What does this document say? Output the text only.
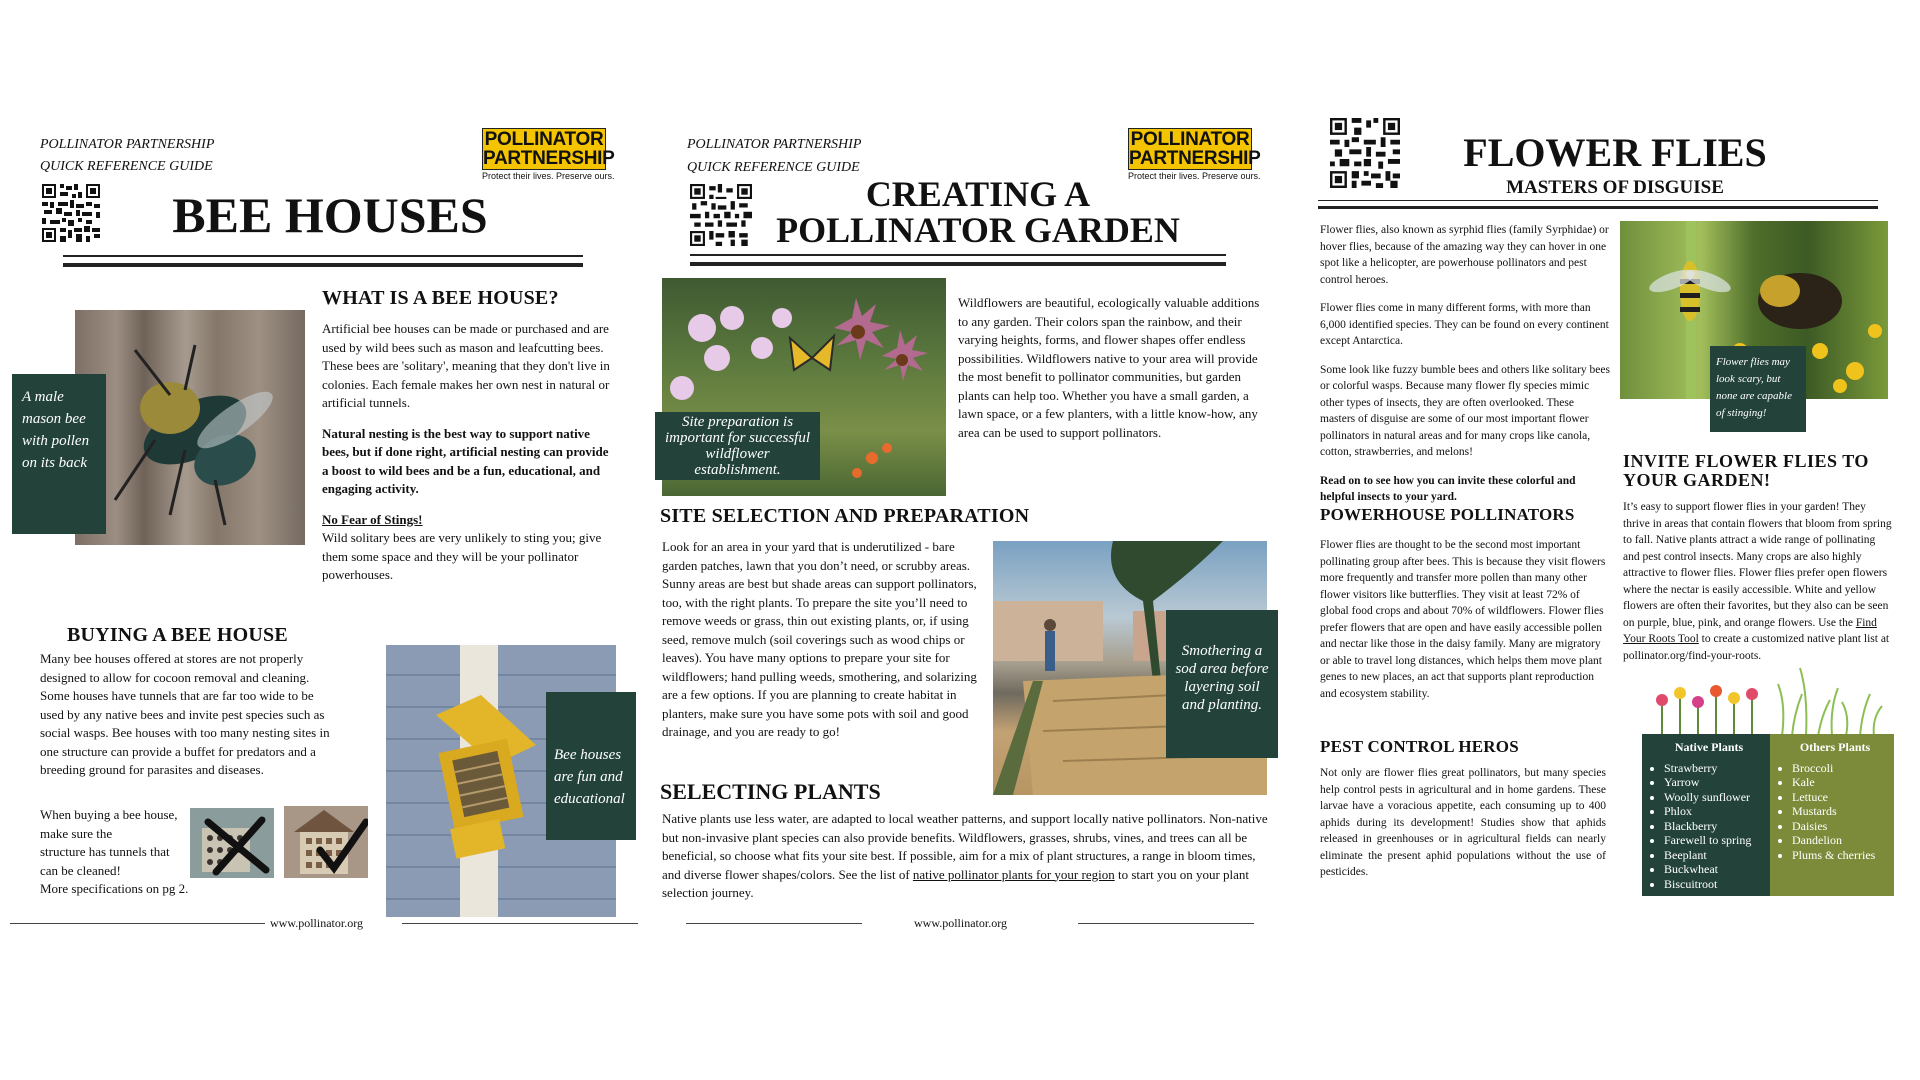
POLLINATOR PARTNERSHIP
QUICK REFERENCE GUIDE
POLLINATOR
PARTNERSHIP
Protect their lives. Preserve ours.
BEE HOUSES
A male mason bee with pollen on its back
WHAT IS A BEE HOUSE?

Artificial bee houses can be made or purchased and are used by wild bees such as mason and leafcutting bees. These bees are 'solitary', meaning that they don't live in colonies. Each female makes her own nest in natural or artificial tunnels.

Natural nesting is the best way to support native bees, but if done right, artificial nesting can provide a boost to wild bees and be a fun, educational, and engaging activity.

No Fear of Stings!
Wild solitary bees are very unlikely to sting you; give them some space and they will be your pollinator powerhouses.
BUYING A BEE HOUSE
Many bee houses offered at stores are not properly designed to allow for cocoon removal and cleaning. Some houses have tunnels that are far too wide to be used by any native bees and invite pest species such as social wasps. Bee houses with too many nesting sites in one structure can provide a buffet for predators and a breeding ground for parasites and diseases.
When buying a bee house,
make sure the
structure has tunnels that
can be cleaned!
More specifications on pg 2.
Bee houses are fun and educational
www.pollinator.org
POLLINATOR PARTNERSHIP
QUICK REFERENCE GUIDE
POLLINATOR
PARTNERSHIP
Protect their lives. Preserve ours.
CREATING A
POLLINATOR GARDEN
Site preparation is important for successful wildflower establishment.
Wildflowers are beautiful, ecologically valuable additions to any garden. Their colors span the rainbow, and their varying heights, forms, and flower shapes offer endless possibilities. Wildflowers native to your area will provide the most benefit to pollinator communities, but garden plants can help too. Whether you have a small garden, a lawn space, or a few planters, with a little know-how, any area can be used to support pollinators.
SITE SELECTION AND PREPARATION
Look for an area in your yard that is underutilized - bare garden patches, lawn that you don’t need, or scrubby areas. Sunny areas are best but shade areas can support pollinators, too, with the right plants. To prepare the site you’ll need to remove weeds or grass, thin out existing plants, or, if using seed, remove mulch (soil coverings such as wood chips or leaves). You have many options to prepare your site for wildflowers; hand pulling weeds, smothering, and solarizing are a few options. If you are planning to create habitat in planters, make sure you have some pots with soil and good drainage, and you are ready to go!
Smothering a sod area before layering soil and planting.
SELECTING PLANTS
Native plants use less water, are adapted to local weather patterns, and support locally native pollinators. Non-native but non-invasive plant species can also provide benefits. Wildflowers, grasses, shrubs, vines, and trees can all be beneficial, so choose what fits your site best. If possible, aim for a mix of plant structures, a range in bloom times, and diverse flower shapes/colors. See the list of native pollinator plants for your region to start you on your plant selection journey.
www.pollinator.org
FLOWER FLIES
MASTERS OF DISGUISE

Flower flies, also known as syrphid flies (family Syrphidae) or hover flies, because of the amazing way they can hover in one spot like a helicopter, are powerhouse pollinators and pest control heroes.

Flower flies come in many different forms, with more than 6,000 identified species. They can be found on every continent except Antarctica.

Some look like fuzzy bumble bees and others like solitary bees or colorful wasps. Because many flower fly species mimic other types of insects, they are often overlooked. These masters of disguise are some of our most important flower pollinators in natural areas and for many crops like canola, cotton, strawberries, and melons!

Read on to see how you can invite these colorful and helpful insects to your yard.

Flower flies may look scary, but none are capable of stinging!
POWERHOUSE POLLINATORS
Flower flies are thought to be the second most important pollinating group after bees. This is because they visit flowers more frequently and transfer more pollen than many other flower visitors like butterflies. They visit at least 72% of global food crops and about 70% of wildflowers. Flower flies prefer flowers that are open and have easily accessible pollen and nectar like those in the daisy family. Many are migratory or able to travel long distances, which helps them move plant genes to new places, an act that supports plant reproduction and ecosystem stability.
PEST CONTROL HEROS
Not only are flower flies great pollinators, but many species help control pests in agricultural and in home gardens. These larvae have a voracious appetite, each consuming up to 400 aphids during its development! Studies show that aphids released in greenhouses or in agricultural fields can nearly eliminate the present aphid populations without the use of pesticides.
INVITE FLOWER FLIES TO YOUR GARDEN!
It’s easy to support flower flies in your garden! They thrive in areas that contain flowers that bloom from spring to fall. Native plants attract a wide range of pollinating and pest control insects. Many crops are also highly attractive to flower flies. Flower flies prefer open flowers where the nectar is easily accessible. White and yellow flowers are often their favorites, but they also can be seen on purple, blue, pink, and orange flowers. Use the Find Your Roots Tool to create a customized native plant list at pollinator.org/find-your-roots.
Native Plants
• Strawberry
• Yarrow
• Woolly sunflower
• Phlox
• Blackberry
• Farewell to spring
• Beeplant
• Buckwheat
• Biscuitroot
Others Plants
• Broccoli
• Kale
• Lettuce
• Mustards
• Daisies
• Dandelion
• Plums & cherries
